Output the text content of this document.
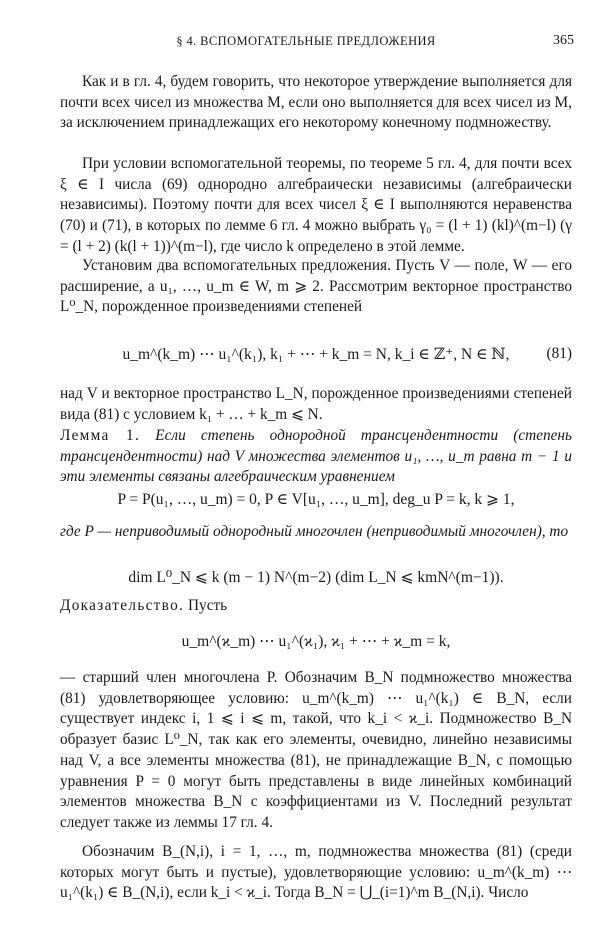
§ 4. ВСПОМОГАТЕЛЬНЫЕ ПРЕДЛОЖЕНИЯ	365

Как и в гл. 4, будем говорить, что некоторое утверждение выполняется для почти всех чисел из множества M, если оно выполняется для всех чисел из M, за исключением принадлежащих его некоторому конечному подмножеству.

При условии вспомогательной теоремы, по теореме 5 гл. 4, для почти всех ξ ∈ I числа (69) однородно алгебраически независимы (алгебраически независимы). Поэтому почти для всех чисел ξ ∈ I выполняются неравенства (70) и (71), в которых по лемме 6 гл. 4 можно выбрать γ₀ = (l + 1) (kl)^(m−l) (γ = (l + 2) (k(l + 1))^(m−l), где число k определено в этой лемме.

Установим два вспомогательных предложения. Пусть V — поле, W — его расширение, а u₁, …, u_m ∈ W, m ⩾ 2. Рассмотрим векторное пространство L⁰_N, порожденное произведениями степеней

u_m^(k_m) ⋯ u₁^(k₁), k₁ + ⋯ + k_m = N, k_i ∈ ℤ⁺, N ∈ ℕ,	(81)

над V и векторное пространство L_N, порожденное произведениями степеней вида (81) с условием k₁ + … + k_m ⩽ N.

Лемма 1. Если степень однородной трансцендентности (степень трансцендентности) над V множества элементов u₁, …, u_m равна m − 1 и эти элементы связаны алгебраическим уравнением

P = P(u₁, …, u_m) = 0, P ∈ V[u₁, …, u_m], deg_u P = k, k ⩾ 1,

где P — неприводимый однородный многочлен (неприводимый многочлен), то

dim L⁰_N ⩽ k (m − 1) N^(m−2) (dim L_N ⩽ kmN^(m−1)).

Доказательство. Пусть

u_m^(ϰ_m) ⋯ u₁^(ϰ₁), ϰ₁ + ⋯ + ϰ_m = k,

— старший член многочлена P. Обозначим B_N подмножество множества (81) удовлетворяющее условию: u_m^(k_m) ⋯ u₁^(k₁) ∈ B_N, если существует индекс i, 1 ⩽ i ⩽ m, такой, что k_i < ϰ_i. Подмножество B_N образует базис L⁰_N, так как его элементы, очевидно, линейно независимы над V, а все элементы множества (81), не принадлежащие B_N, с помощью уравнения P = 0 могут быть представлены в виде линейных комбинаций элементов множества B_N с коэффициентами из V. Последний результат следует также из леммы 17 гл. 4.

Обозначим B_(N,i), i = 1, …, m, подмножества множества (81) (среди которых могут быть и пустые), удовлетворяющие условию: u_m^(k_m) ⋯ u₁^(k₁) ∈ B_(N,i), если k_i < ϰ_i. Тогда B_N = ⋃_(i=1)^m B_(N,i). Число
